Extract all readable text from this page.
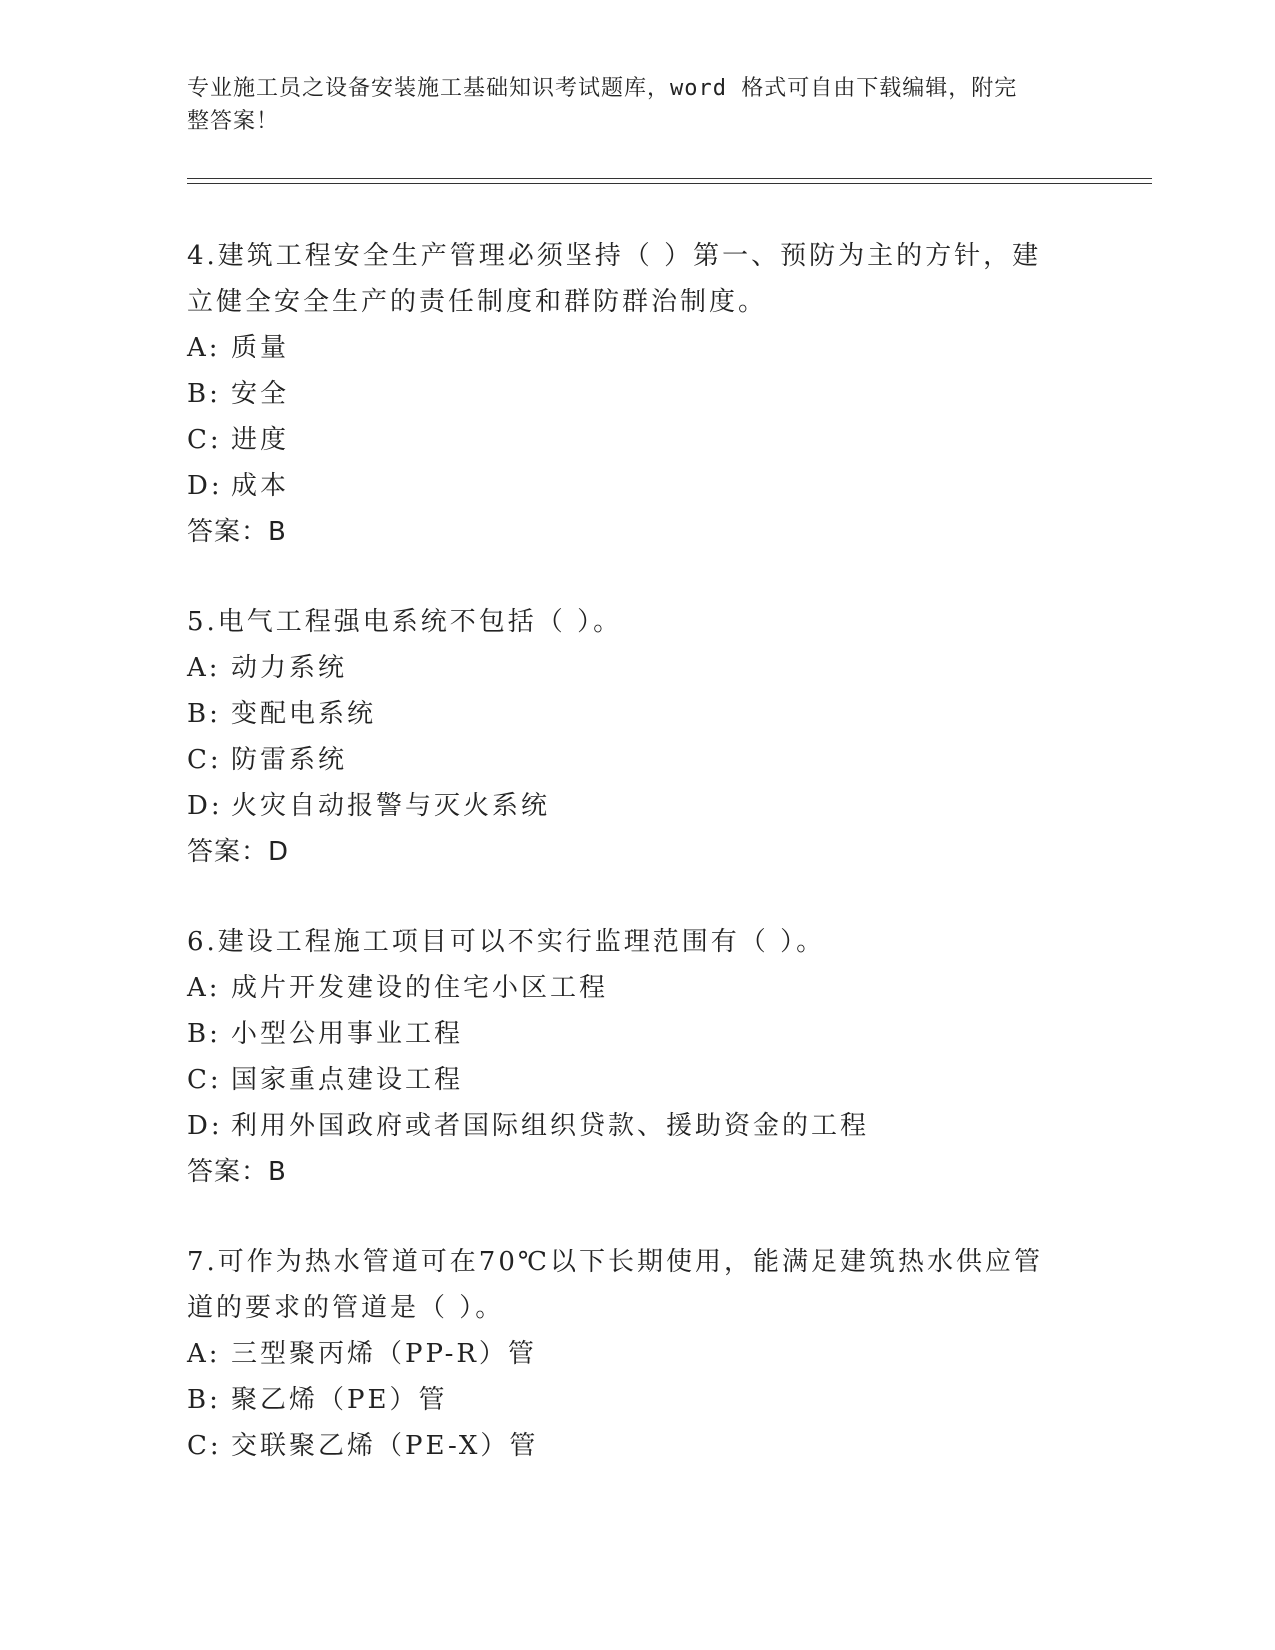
专业施工员之设备安装施工基础知识考试题库，word 格式可自由下载编辑，附完
整答案！
4.建筑工程安全生产管理必须坚持（ ）第一、预防为主的方针，建立健全安全生产的责任制度和群防群治制度。
A: 质量
B: 安全
C: 进度
D: 成本
答案：B
5.电气工程强电系统不包括（ ）。
A: 动力系统
B: 变配电系统
C: 防雷系统
D: 火灾自动报警与灭火系统
答案：D
6.建设工程施工项目可以不实行监理范围有（ ）。
A: 成片开发建设的住宅小区工程
B: 小型公用事业工程
C: 国家重点建设工程
D: 利用外国政府或者国际组织贷款、援助资金的工程
答案：B
7.可作为热水管道可在70℃以下长期使用，能满足建筑热水供应管道的要求的管道是（ ）。
A: 三型聚丙烯（PP-R）管
B: 聚乙烯（PE）管
C: 交联聚乙烯（PE-X）管
